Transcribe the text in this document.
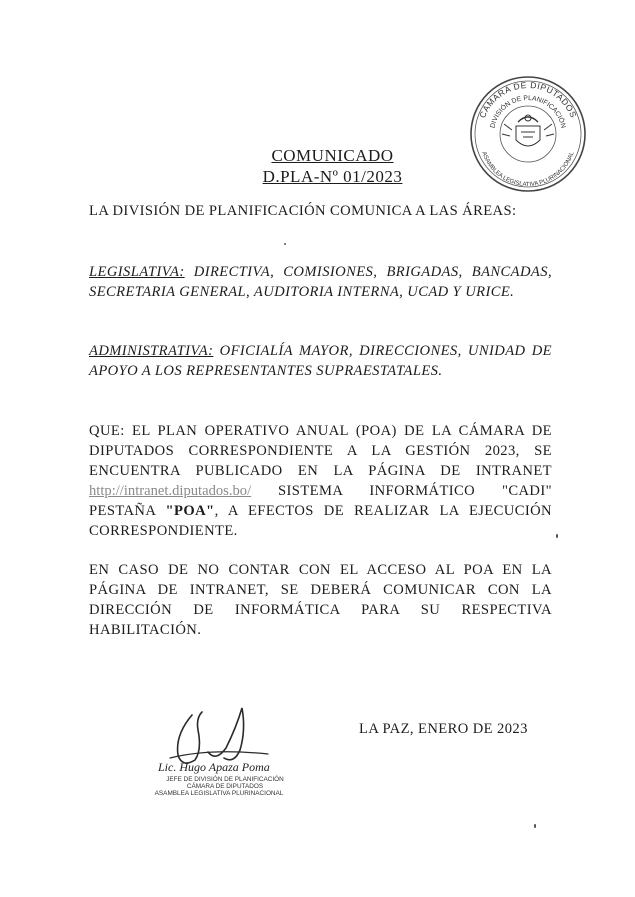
CÁMARA DE DIPUTADOS
DIVISIÓN DE PLANIFICACIÓN
ASAMBLEA LEGISLATIVA PLURINACIONAL
COMUNICADO
D.PLA-Nº 01/2023
LA DIVISIÓN DE PLANIFICACIÓN COMUNICA A LAS ÁREAS:
LEGISLATIVA: DIRECTIVA, COMISIONES, BRIGADAS, BANCADAS, SECRETARIA GENERAL, AUDITORIA INTERNA, UCAD Y URICE.
ADMINISTRATIVA: OFICIALÍA MAYOR, DIRECCIONES, UNIDAD DE APOYO A LOS REPRESENTANTES SUPRAESTATALES.
QUE: EL PLAN OPERATIVO ANUAL (POA) DE LA CÁMARA DE DIPUTADOS CORRESPONDIENTE A LA GESTIÓN 2023, SE ENCUENTRA PUBLICADO EN LA PÁGINA DE INTRANET http://intranet.diputados.bo/ SISTEMA INFORMÁTICO "CADI" PESTAÑA "POA", A EFECTOS DE REALIZAR LA EJECUCIÓN CORRESPONDIENTE.
EN CASO DE NO CONTAR CON EL ACCESO AL POA EN LA PÁGINA DE INTRANET, SE DEBERÁ COMUNICAR CON LA DIRECCIÓN DE INFORMÁTICA PARA SU RESPECTIVA HABILITACIÓN.
LA PAZ, ENERO DE 2023
Lic. Hugo Apaza Poma
JEFE DE DIVISIÓN DE PLANIFICACIÓN
CÁMARA DE DIPUTADOS
ASAMBLEA LEGISLATIVA PLURINACIONAL
